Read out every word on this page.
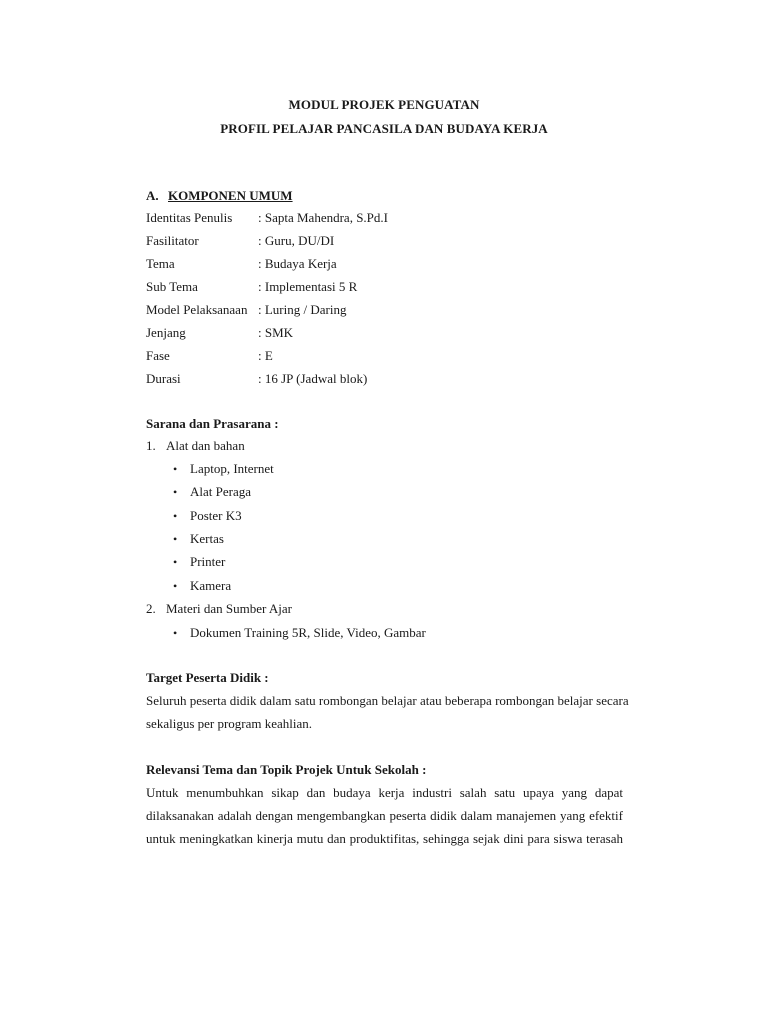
MODUL PROJEK PENGUATAN
PROFIL PELAJAR PANCASILA DAN BUDAYA KERJA
A. KOMPONEN UMUM
Identitas Penulis : Sapta Mahendra, S.Pd.I
Fasilitator	: Guru, DU/DI
Tema	: Budaya Kerja
Sub Tema	: Implementasi 5 R
Model Pelaksanaan : Luring / Daring
Jenjang	: SMK
Fase	: E
Durasi	: 16 JP (Jadwal blok)
Sarana dan Prasarana :
1. Alat dan bahan
• Laptop, Internet
• Alat Peraga
• Poster K3
• Kertas
• Printer
• Kamera
2. Materi dan Sumber Ajar
• Dokumen Training 5R, Slide, Video, Gambar
Target Peserta Didik :
Seluruh peserta didik dalam satu rombongan belajar atau beberapa rombongan belajar secara
sekaligus per program keahlian.
Relevansi Tema dan Topik Projek Untuk Sekolah :
Untuk menumbuhkan sikap dan budaya kerja industri salah satu upaya yang dapat
dilaksanakan adalah dengan mengembangkan peserta didik dalam manajemen yang efektif
untuk meningkatkan kinerja mutu dan produktifitas, sehingga sejak dini para siswa terasah
